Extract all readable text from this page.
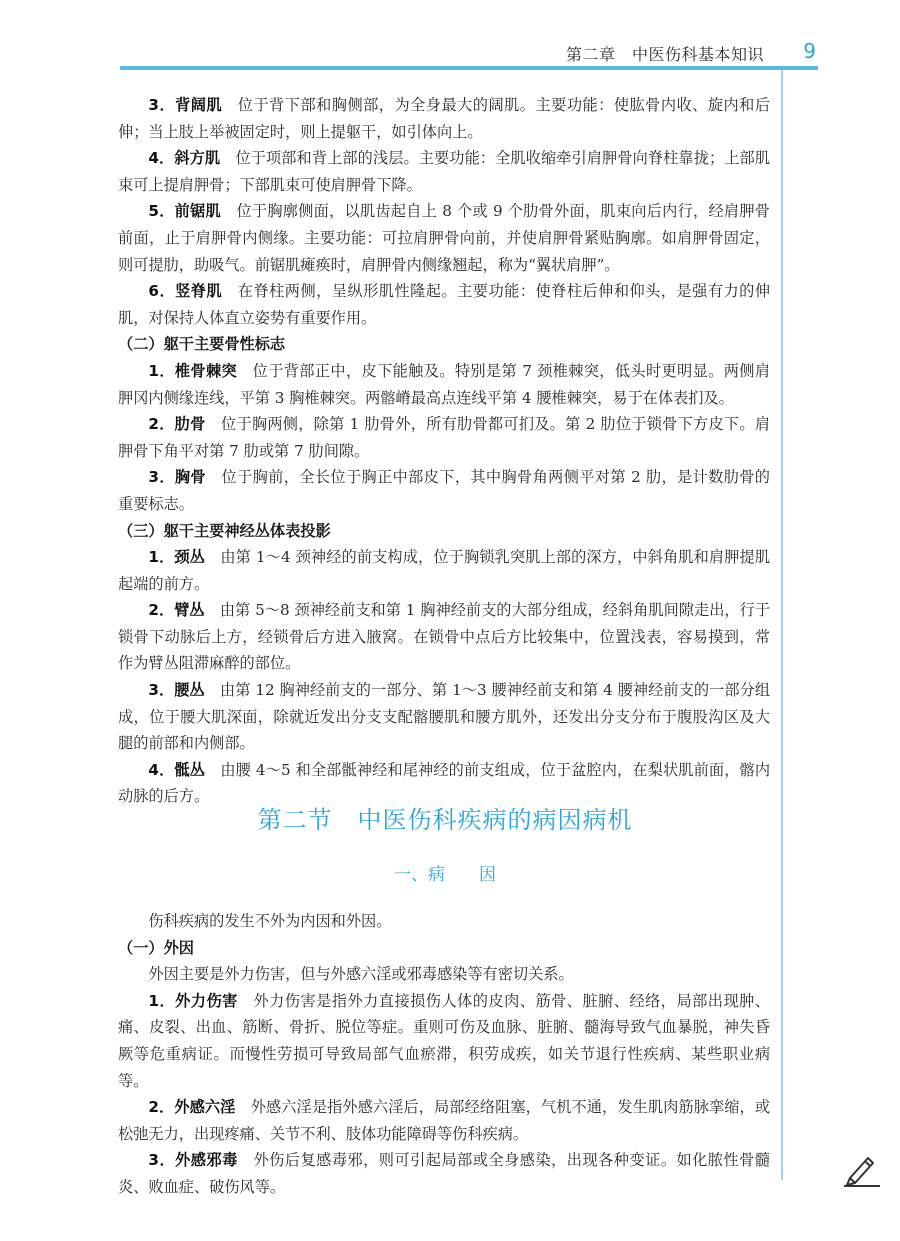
第二章　中医伤科基本知识 9

3．背阔肌　 位于背下部和胸侧部，为全身最大的阔肌。主要功能：使肱骨内收、旋内和后伸；当上肢上举被固定时，则上提躯干，如引体向上。

4．斜方肌　 位于项部和背上部的浅层。主要功能：全肌收缩牵引肩胛骨向脊柱靠拢；上部肌束可上提肩胛骨；下部肌束可使肩胛骨下降。

5．前锯肌　 位于胸廓侧面，以肌齿起自上 8 个或 9 个肋骨外面，肌束向后内行，经肩胛骨前面，止于肩胛骨内侧缘。主要功能：可拉肩胛骨向前，并使肩胛骨紧贴胸廓。如肩胛骨固定，则可提肋，助吸气。前锯肌瘫痪时，肩胛骨内侧缘翘起，称为“翼状肩胛”。

6．竖脊肌　 在脊柱两侧，呈纵形肌性隆起。主要功能：使脊柱后伸和仰头，是强有力的伸肌，对保持人体直立姿势有重要作用。

（二）躯干主要骨性标志

1．椎骨棘突　 位于背部正中，皮下能触及。特别是第 7 颈椎棘突，低头时更明显。两侧肩胛冈内侧缘连线，平第 3 胸椎棘突。两髂嵴最高点连线平第 4 腰椎棘突，易于在体表扪及。

2．肋骨　 位于胸两侧，除第 1 肋骨外，所有肋骨都可扪及。第 2 肋位于锁骨下方皮下。肩胛骨下角平对第 7 肋或第 7 肋间隙。

3．胸骨　 位于胸前，全长位于胸正中部皮下，其中胸骨角两侧平对第 2 肋，是计数肋骨的重要标志。

（三）躯干主要神经丛体表投影

1．颈丛　 由第 1～4 颈神经的前支构成，位于胸锁乳突肌上部的深方，中斜角肌和肩胛提肌起端的前方。

2．臂丛　 由第 5～8 颈神经前支和第 1 胸神经前支的大部分组成，经斜角肌间隙走出，行于锁骨下动脉后上方，经锁骨后方进入腋窝。在锁骨中点后方比较集中，位置浅表，容易摸到，常作为臂丛阻滞麻醉的部位。

3．腰丛　 由第 12 胸神经前支的一部分、第 1～3 腰神经前支和第 4 腰神经前支的一部分组成，位于腰大肌深面，除就近发出分支支配髂腰肌和腰方肌外，还发出分支分布于腹股沟区及大腿的前部和内侧部。

4．骶丛　 由腰 4～5 和全部骶神经和尾神经的前支组成，位于盆腔内，在梨状肌前面，髂内动脉的后方。

第二节　中医伤科疾病的病因病机
一、病　　因

伤科疾病的发生不外为内因和外因。

（一）外因

外因主要是外力伤害，但与外感六淫或邪毒感染等有密切关系。

1．外力伤害　 外力伤害是指外力直接损伤人体的皮肉、筋骨、脏腑、经络，局部出现肿、痛、皮裂、出血、筋断、骨折、脱位等症。重则可伤及血脉、脏腑、髓海导致气血暴脱，神失昏厥等危重病证。而慢性劳损可导致局部气血瘀滞，积劳成疾，如关节退行性疾病、某些职业病等。

2．外感六淫　 外感六淫是指外感六淫后，局部经络阻塞，气机不通，发生肌肉筋脉挛缩，或松弛无力，出现疼痛、关节不利、肢体功能障碍等伤科疾病。

3．外感邪毒　 外伤后复感毒邪，则可引起局部或全身感染，出现各种变证。如化脓性骨髓炎、败血症、破伤风等。
